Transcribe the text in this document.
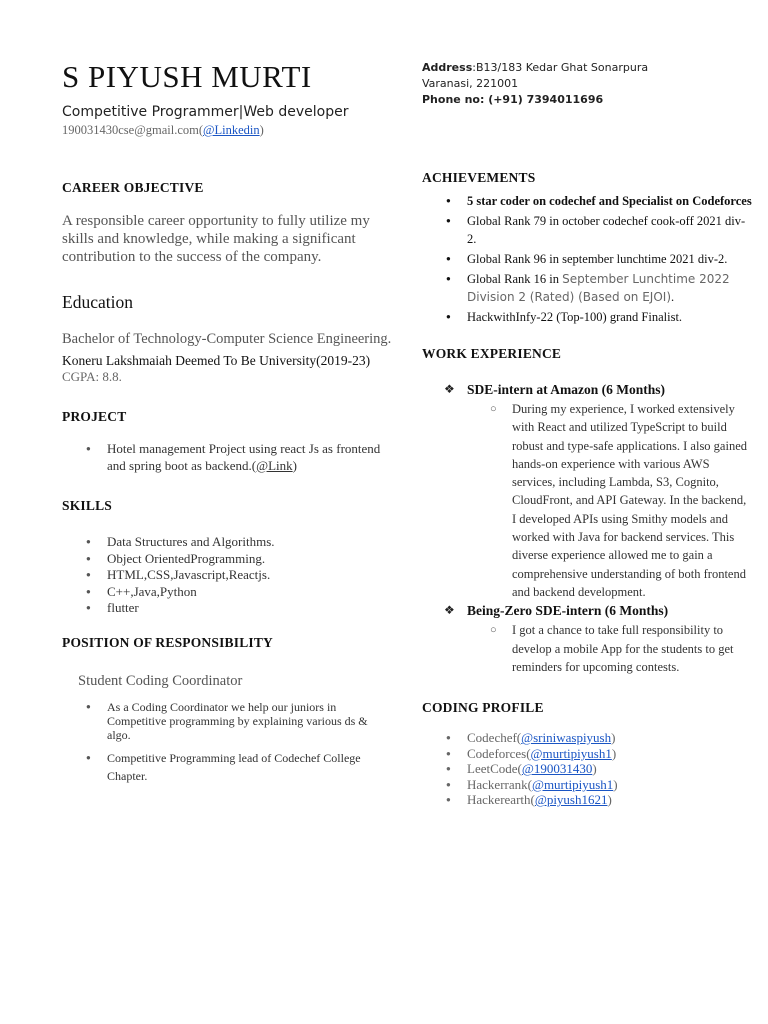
S PIYUSH MURTI
Competitive Programmer|Web developer
190031430cse@gmail.com(@Linkedin)
CAREER OBJECTIVE
A responsible career opportunity to fully utilize my skills and knowledge, while making a significant contribution to the success of the company.
Education
Bachelor of Technology-Computer Science Engineering.
Koneru Lakshmaiah Deemed To Be University(2019-23)
CGPA: 8.8.
PROJECT
● Hotel management Project using react Js as frontend and spring boot as backend.(@Link)
SKILLS
● Data Structures and Algorithms.
● Object OrientedProgramming.
● HTML,CSS,Javascript,Reactjs.
● C++,Java,Python
● flutter
POSITION OF RESPONSIBILITY
Student Coding Coordinator
● As a Coding Coordinator we help our juniors in Competitive programming by explaining various ds & algo.
● Competitive Programming lead of Codechef College Chapter.
Address:B13/183 Kedar Ghat Sonarpura
Varanasi, 221001
Phone no: (+91) 7394011696
ACHIEVEMENTS
● 5 star coder on codechef and Specialist on Codeforces
● Global Rank 79 in october codechef cook-off 2021 div-2.
● Global Rank 96 in september lunchtime 2021 div-2.
● Global Rank 16 in September Lunchtime 2022 Division 2 (Rated) (Based on EJOI).
● HackwithInfy-22 (Top-100) grand Finalist.
WORK EXPERIENCE
❖ SDE-intern at Amazon (6 Months)
○ During my experience, I worked extensively with React and utilized TypeScript to build robust and type-safe applications. I also gained hands-on experience with various AWS services, including Lambda, S3, Cognito, CloudFront, and API Gateway. In the backend, I developed APIs using Smithy models and worked with Java for backend services. This diverse experience allowed me to gain a comprehensive understanding of both frontend and backend development.
❖ Being-Zero SDE-intern (6 Months)
○ I got a chance to take full responsibility to develop a mobile App for the students to get reminders for upcoming contests.
CODING PROFILE
● Codechef(@sriniwaspiyush)
● Codeforces(@murtipiyush1)
● LeetCode(@190031430)
● Hackerrank(@murtipiyush1)
● Hackerearth(@piyush1621)
